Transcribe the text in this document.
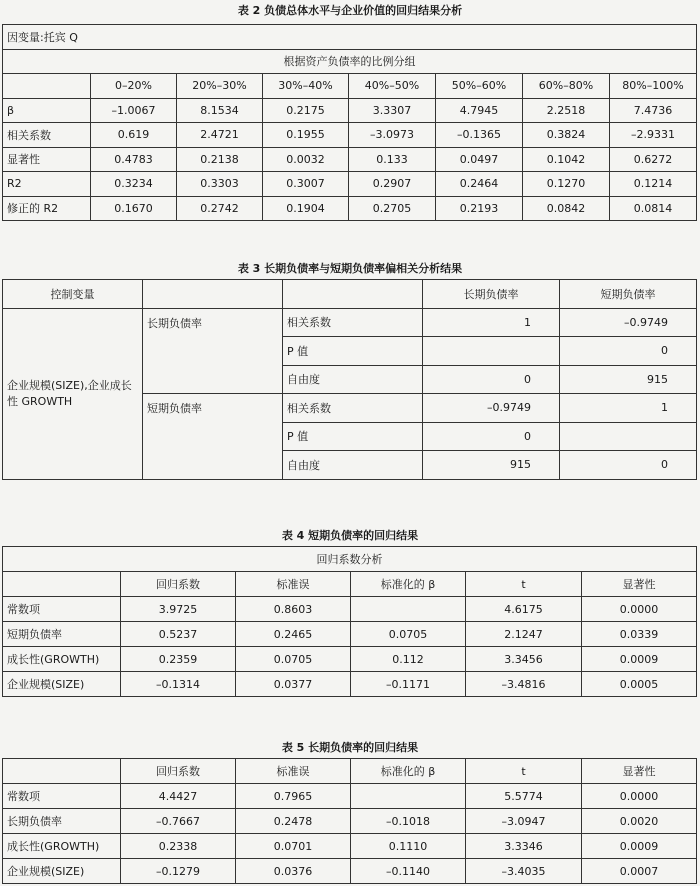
表 2 负债总体水平与企业价值的回归结果分析
因变量:托宾 Q							
根据资产负债率的比例分组							
	0–20%	20%–30%	30%–40%	40%–50%	50%–60%	60%–80%	80%–100%
β	–1.0067	8.1534	0.2175	3.3307	4.7945	2.2518	7.4736
相关系数	0.619	2.4721	0.1955	–3.0973	–0.1365	0.3824	–2.9331
显著性	0.4783	0.2138	0.0032	0.133	0.0497	0.1042	0.6272
R2	0.3234	0.3303	0.3007	0.2907	0.2464	0.1270	0.1214
修正的 R2	0.1670	0.2742	0.1904	0.2705	0.2193	0.0842	0.0814
表 3 长期负债率与短期负债率偏相关分析结果
控制变量			长期负债率	短期负债率
企业规模(SIZE),企业成长性 GROWTH	长期负债率	相关系数	1	–0.9749
		P 值		0
		自由度	0	915
	短期负债率	相关系数	–0.9749	1
		P 值	0	
		自由度	915	0
表 4 短期负债率的回归结果
回归系数分析					
	回归系数	标准误	标准化的 β	t	显著性
常数项	3.9725	0.8603		4.6175	0.0000
短期负债率	0.5237	0.2465	0.0705	2.1247	0.0339
成长性(GROWTH)	0.2359	0.0705	0.112	3.3456	0.0009
企业规模(SIZE)	–0.1314	0.0377	–0.1171	–3.4816	0.0005
表 5 长期负债率的回归结果
	回归系数	标准误	标准化的 β	t	显著性
常数项	4.4427	0.7965		5.5774	0.0000
长期负债率	–0.7667	0.2478	–0.1018	–3.0947	0.0020
成长性(GROWTH)	0.2338	0.0701	0.1110	3.3346	0.0009
企业规模(SIZE)	–0.1279	0.0376	–0.1140	–3.4035	0.0007
